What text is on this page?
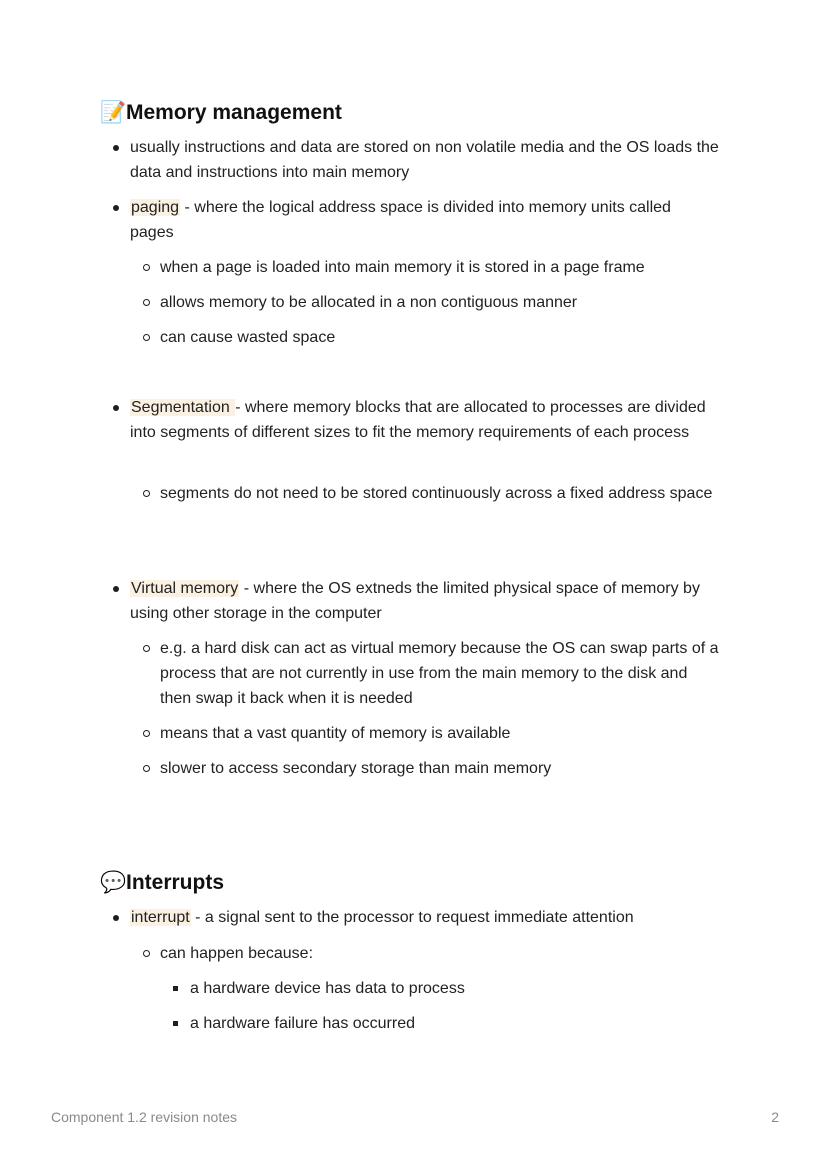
📝Memory management
usually instructions and data are stored on non volatile media and the OS loads the data and instructions into main memory
paging - where the logical address space is divided into memory units called pages
when a page is loaded into main memory it is stored in a page frame
allows memory to be allocated in a non contiguous manner
can cause wasted space
Segmentation - where memory blocks that are allocated to processes are divided into segments of different sizes to fit the memory requirements of each process
segments do not need to be stored continuously across a fixed address space
Virtual memory - where the OS extneds the limited physical space of memory by using other storage in the computer
e.g. a hard disk can act as virtual memory because the OS can swap parts of a process that are not currently in use from the main memory to the disk and then swap it back when it is needed
means that a vast quantity of memory is available
slower to access secondary storage than main memory
💬Interrupts
interrupt - a signal sent to the processor to request immediate attention
can happen because:
a hardware device has data to process
a hardware failure has occurred
Component 1.2 revision notes	2
